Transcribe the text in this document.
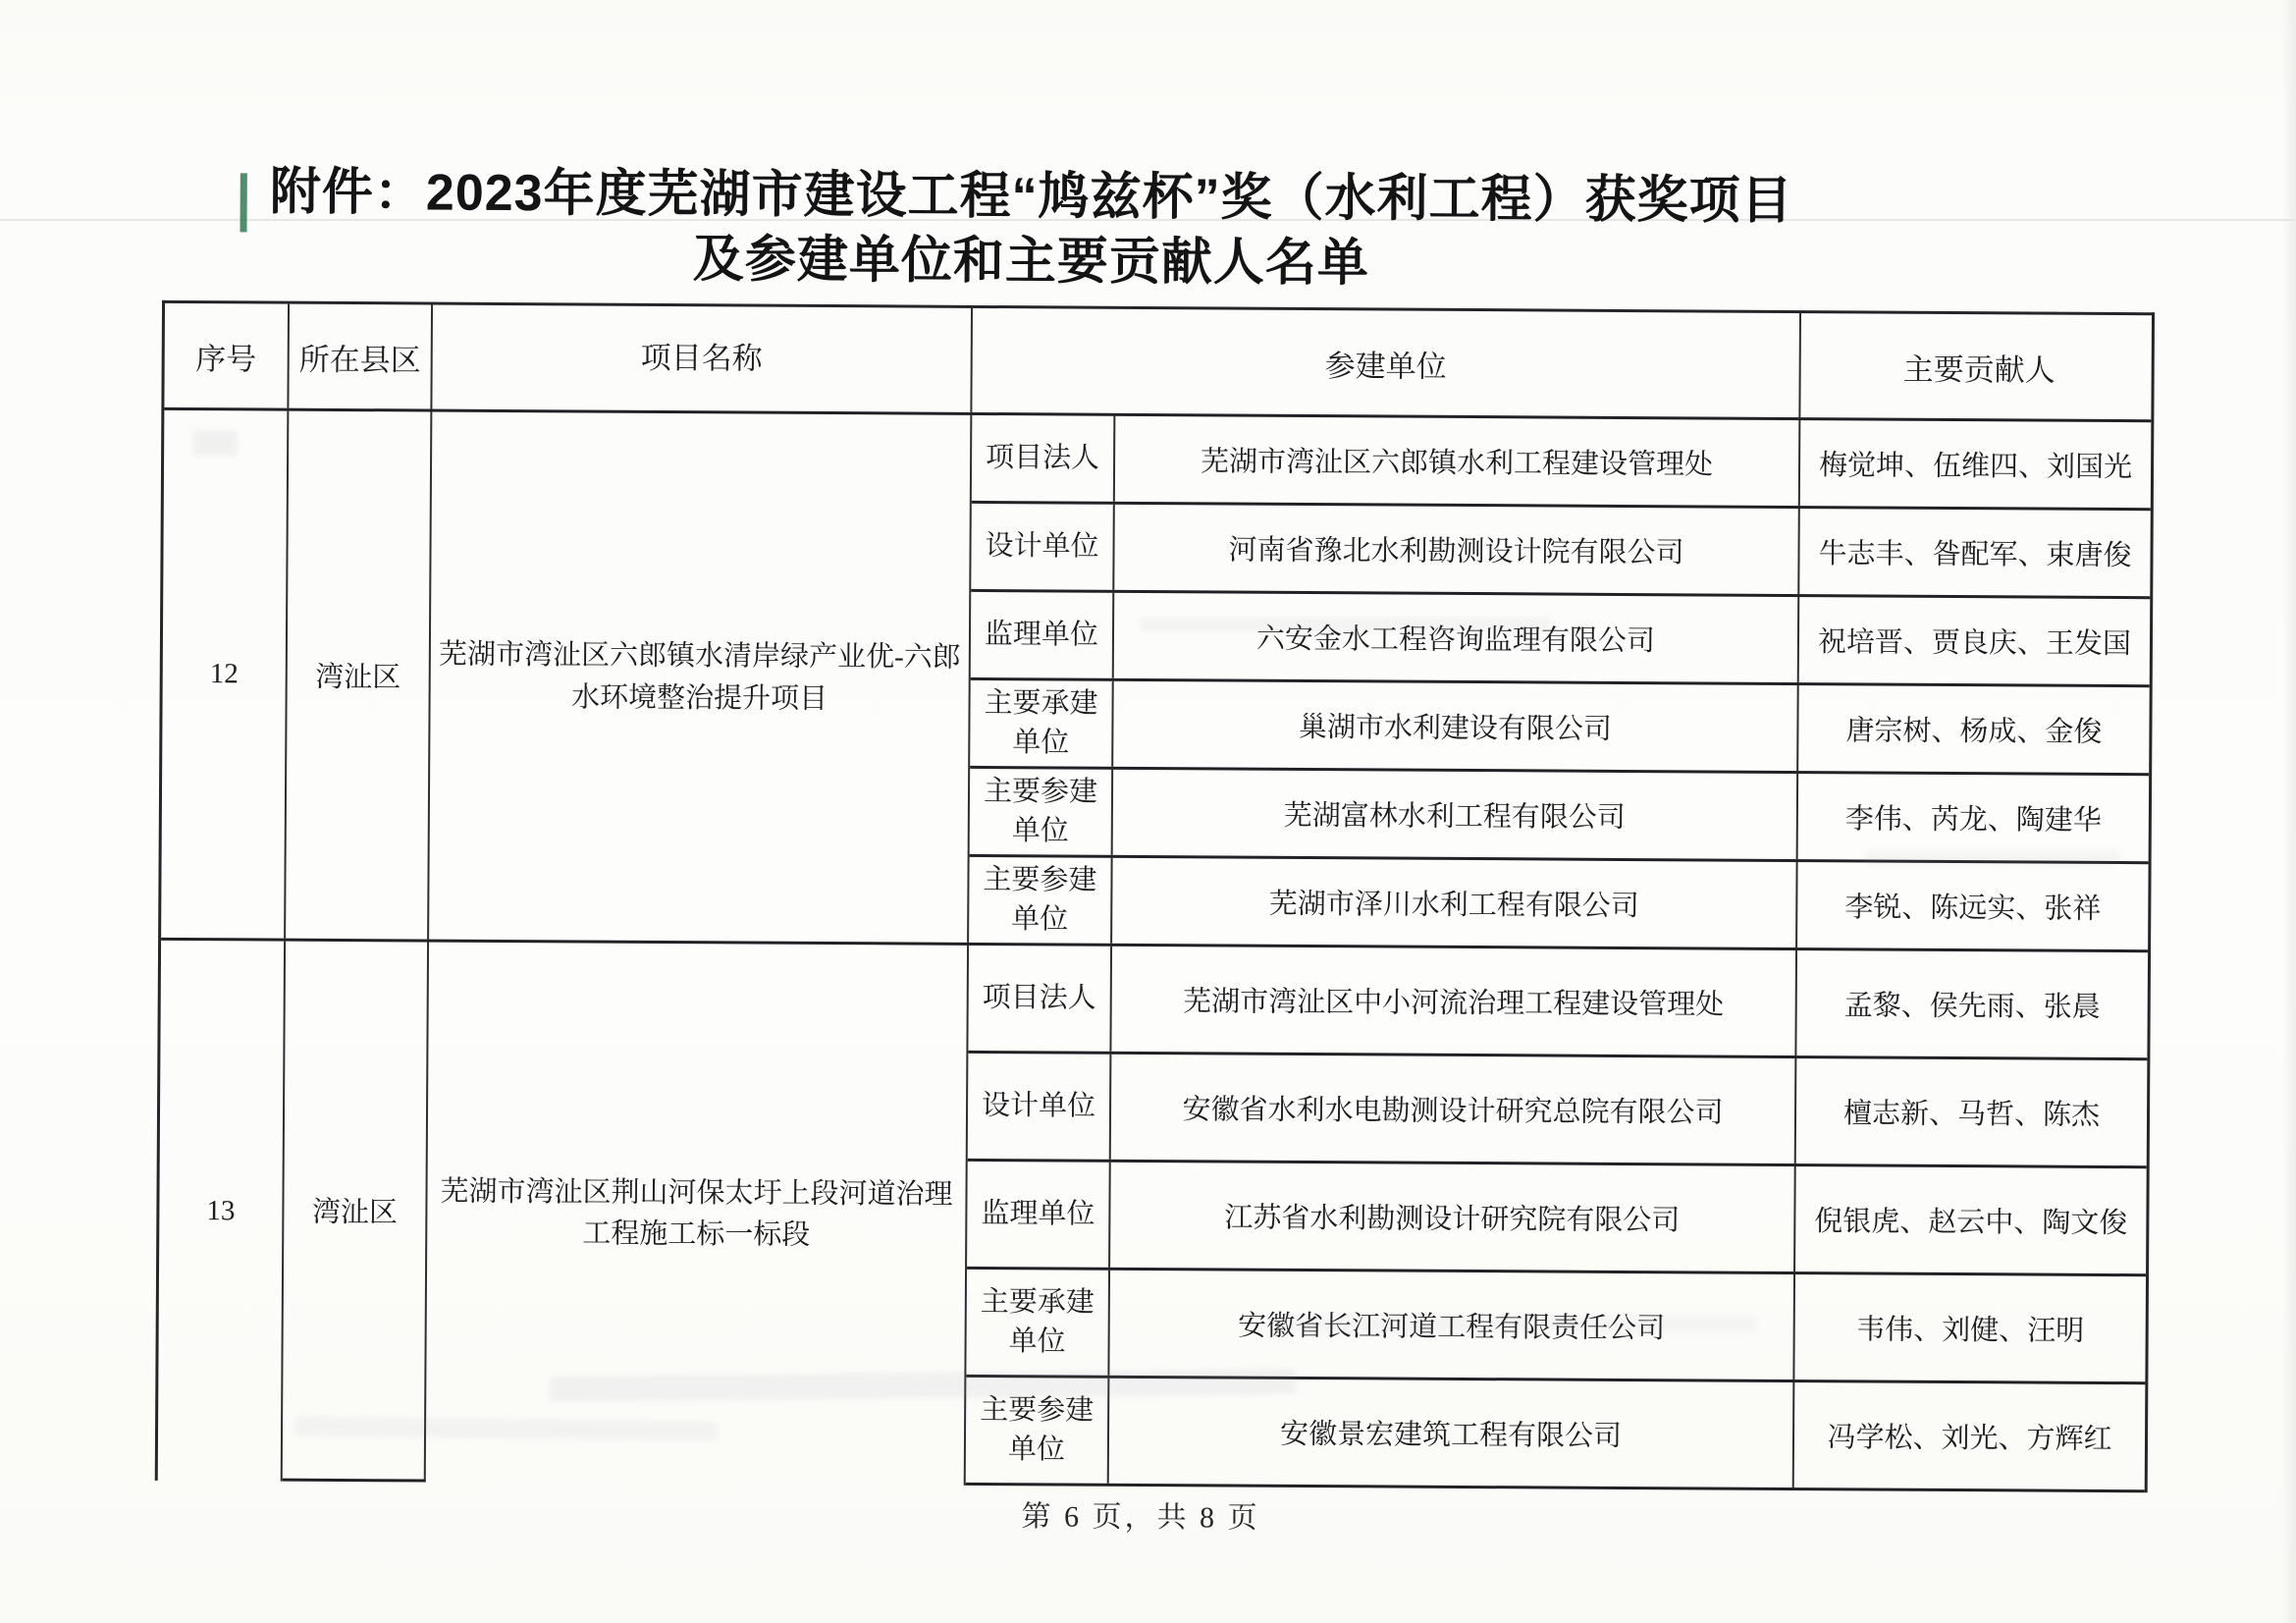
附件：2023年度芜湖市建设工程“鸠兹杯”奖（水利工程）获奖项目
及参建单位和主要贡献人名单
序号	所在县区	项目名称	参建单位	主要贡献人
12	湾沚区
芜湖市湾沚区六郎镇水清岸绿产业优-六郎水环境整治提升项目
项目法人	芜湖市湾沚区六郎镇水利工程建设管理处	梅觉坤、伍维四、刘国光
设计单位	河南省豫北水利勘测设计院有限公司	牛志丰、昝配军、束唐俊
监理单位	六安金水工程咨询监理有限公司	祝培晋、贾良庆、王发国
主要承建单位	巢湖市水利建设有限公司	唐宗树、杨成、金俊
主要参建单位	芜湖富林水利工程有限公司	李伟、芮龙、陶建华
主要参建单位	芜湖市泽川水利工程有限公司	李锐、陈远实、张祥
13	湾沚区
芜湖市湾沚区荆山河保太圩上段河道治理工程施工标一标段
项目法人	芜湖市湾沚区中小河流治理工程建设管理处	孟黎、侯先雨、张晨
设计单位	安徽省水利水电勘测设计研究总院有限公司	檀志新、马哲、陈杰
监理单位	江苏省水利勘测设计研究院有限公司	倪银虎、赵云中、陶文俊
主要承建单位	安徽省长江河道工程有限责任公司	韦伟、刘健、汪明
主要参建单位	安徽景宏建筑工程有限公司	冯学松、刘光、方辉红
第 6 页，共 8 页
